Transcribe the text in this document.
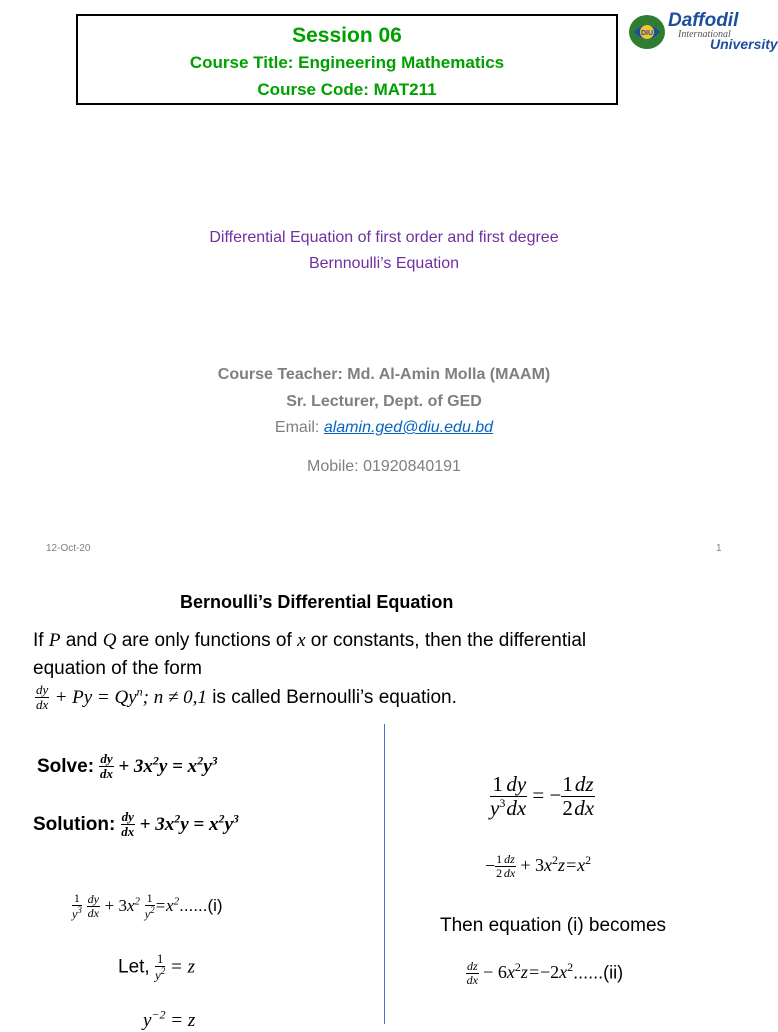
Session 06
Course Title: Engineering Mathematics
Course Code: MAT211
DIU
Daffodil
International
University
Differential Equation of first order and first degree
Bernnoulli’s Equation
Course Teacher: Md. Al-Amin Molla (MAAM)
Sr. Lecturer, Dept. of GED
Email: alamin.ged@diu.edu.bd
Mobile: 01920840191
12-Oct-20	1
Bernoulli’s Differential Equation
If P and Q are only functions of x or constants, then the differential
equation of the form
$\frac{dy}{dx} + Py = Qy^n$; n ≠ 0,1 is called Bernoulli’s equation.
Solve: $\frac{dy}{dx} + 3x^2y = x^2y^3$
Solution: $\frac{dy}{dx} + 3x^2y = x^2y^3$
$\frac{1}{y^3}$
$\frac{dy}{dx} + 3x^2 \frac{1}{y^2} =x^2......(i)$
Let, $\frac{1}{y^2} = z$
$y^{-2} = z$
$\frac{1}{y^3} \frac{dy}{dx}$ = − $\frac{1}{2} \frac{dz}{dx}$
− $\frac{1}{2} \frac{dz}{dx} + 3x^2z=x^2$
Then equation (i) becomes
$\frac{dz}{dx} - 6x^2z=-2x^2......(ii)$
